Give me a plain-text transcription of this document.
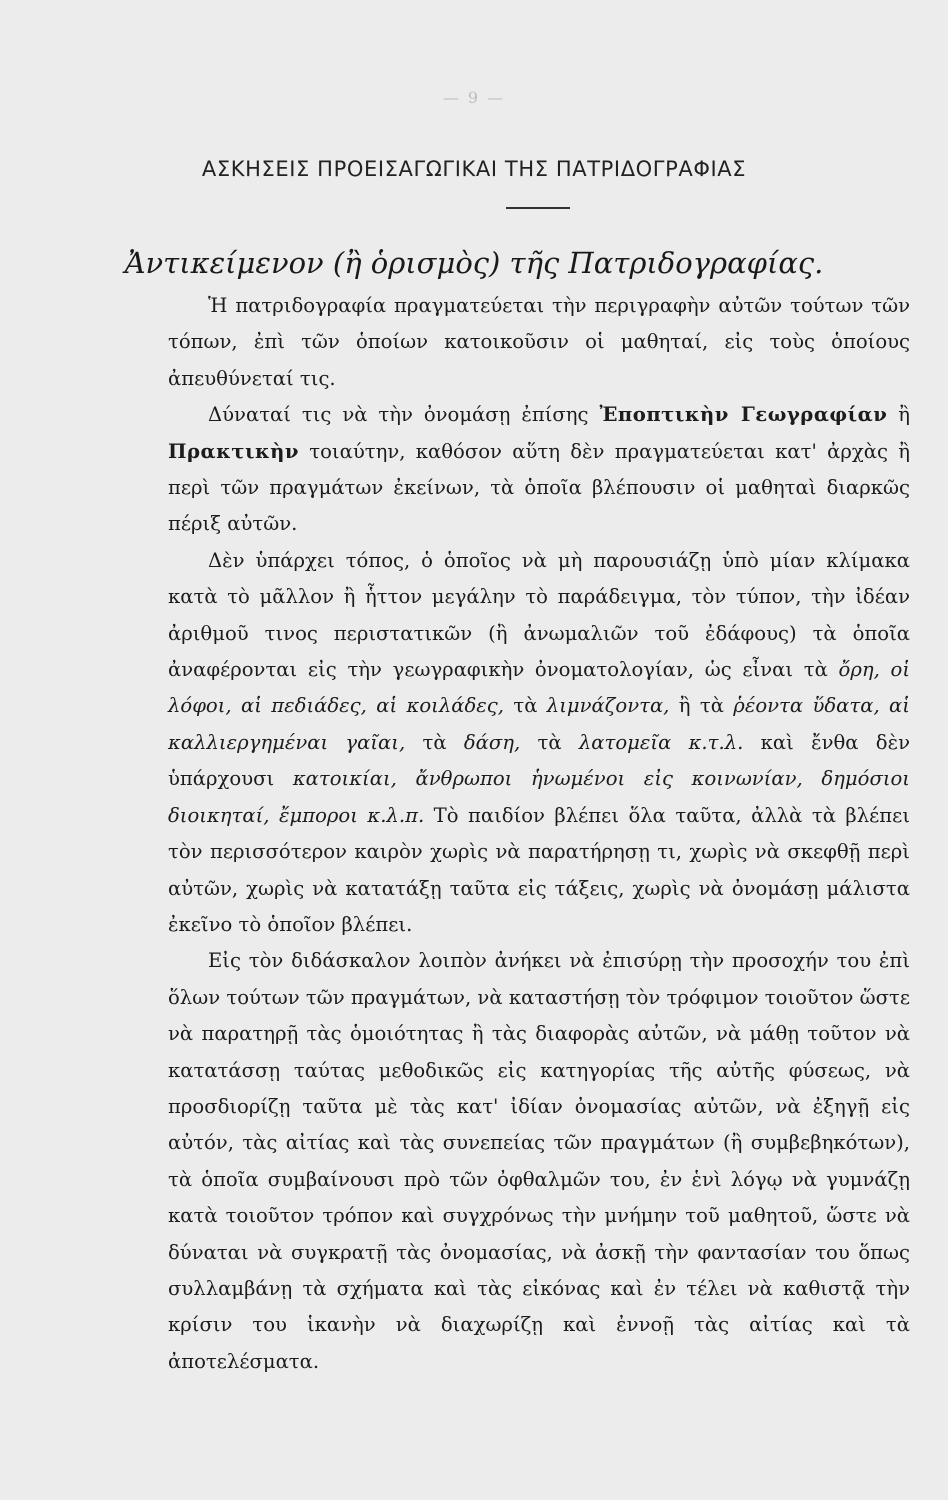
— 9 —
ΑΣΚΗΣΕΙΣ ΠΡΟΕΙΣΑΓΩΓΙΚΑΙ ΤΗΣ ΠΑΤΡΙΔΟΓΡΑΦΙΑΣ
Ἀντικείμενον (ἢ ὁρισμὸς) τῆς Πατριδογραφίας.

Ἡ πατριδογραφία πραγματεύεται τὴν περιγραφὴν αὐτῶν τούτων τῶν τόπων, ἐπὶ τῶν ὁποίων κατοικοῦσιν οἱ μαθηταί, εἰς τοὺς ὁποίους ἀπευθύνεταί τις.

Δύναταί τις νὰ τὴν ὀνομάσῃ ἐπίσης Ἐποπτικὴν Γεωγραφίαν ἢ Πρακτικὴν τοιαύτην, καθόσον αὕτη δὲν πραγματεύεται κατ' ἀρχὰς ἢ περὶ τῶν πραγμάτων ἐκείνων, τὰ ὁποῖα βλέπουσιν οἱ μαθηταὶ διαρκῶς πέριξ αὐτῶν.

Δὲν ὑπάρχει τόπος, ὁ ὁποῖος νὰ μὴ παρουσιάζῃ ὑπὸ μίαν κλίμακα κατὰ τὸ μᾶλλον ἢ ἧττον μεγάλην τὸ παράδειγμα, τὸν τύπον, τὴν ἰδέαν ἀριθμοῦ τινος περιστατικῶν (ἢ ἀνωμαλιῶν τοῦ ἐδάφους) τὰ ὁποῖα ἀναφέρονται εἰς τὴν γεωγραφικὴν ὀνοματολογίαν, ὡς εἶναι τὰ ὄρη, οἱ λόφοι, αἱ πεδιάδες, αἱ κοιλάδες, τὰ λιμνάζοντα, ἢ τὰ ῥέοντα ὕδατα, αἱ καλλιεργημέναι γαῖαι, τὰ δάση, τὰ λατομεῖα κ.τ.λ. καὶ ἔνθα δὲν ὑπάρχουσι κατοικίαι, ἄνθρωποι ἡνωμένοι εἰς κοινωνίαν, δημόσιοι διοικηταί, ἔμποροι κ.λ.π. Τὸ παιδίον βλέπει ὅλα ταῦτα, ἀλλὰ τὰ βλέπει τὸν περισσότερον καιρὸν χωρὶς νὰ παρατήρησῃ τι, χωρὶς νὰ σκεφθῇ περὶ αὐτῶν, χωρὶς νὰ κατατάξῃ ταῦτα εἰς τάξεις, χωρὶς νὰ ὀνομάσῃ μάλιστα ἐκεῖνο τὸ ὁποῖον βλέπει.

Εἰς τὸν διδάσκαλον λοιπὸν ἀνήκει νὰ ἐπισύρῃ τὴν προσοχήν του ἐπὶ ὅλων τούτων τῶν πραγμάτων, νὰ καταστήσῃ τὸν τρόφιμον τοιοῦτον ὥστε νὰ παρατηρῇ τὰς ὁμοιότητας ἢ τὰς διαφορὰς αὐτῶν, νὰ μάθῃ τοῦτον νὰ κατατάσσῃ ταύτας μεθοδικῶς εἰς κατηγορίας τῆς αὐτῆς φύσεως, νὰ προσδιορίζῃ ταῦτα μὲ τὰς κατ' ἰδίαν ὀνομασίας αὐτῶν, νὰ ἐξηγῇ εἰς αὐτόν, τὰς αἰτίας καὶ τὰς συνεπείας τῶν πραγμάτων (ἢ συμβεβηκότων), τὰ ὁποῖα συμβαίνουσι πρὸ τῶν ὀφθαλμῶν του, ἐν ἑνὶ λόγῳ νὰ γυμνάζῃ κατὰ τοιοῦτον τρόπον καὶ συγχρόνως τὴν μνήμην τοῦ μαθητοῦ, ὥστε νὰ δύναται νὰ συγκρατῇ τὰς ὀνομασίας, νὰ ἀσκῇ τὴν φαντασίαν του ὅπως συλλαμβάνῃ τὰ σχήματα καὶ τὰς εἰκόνας καὶ ἐν τέλει νὰ καθιστᾷ τὴν κρίσιν του ἱκανὴν νὰ διαχωρίζῃ καὶ ἐννοῇ τὰς αἰτίας καὶ τὰ ἀποτελέσματα.
